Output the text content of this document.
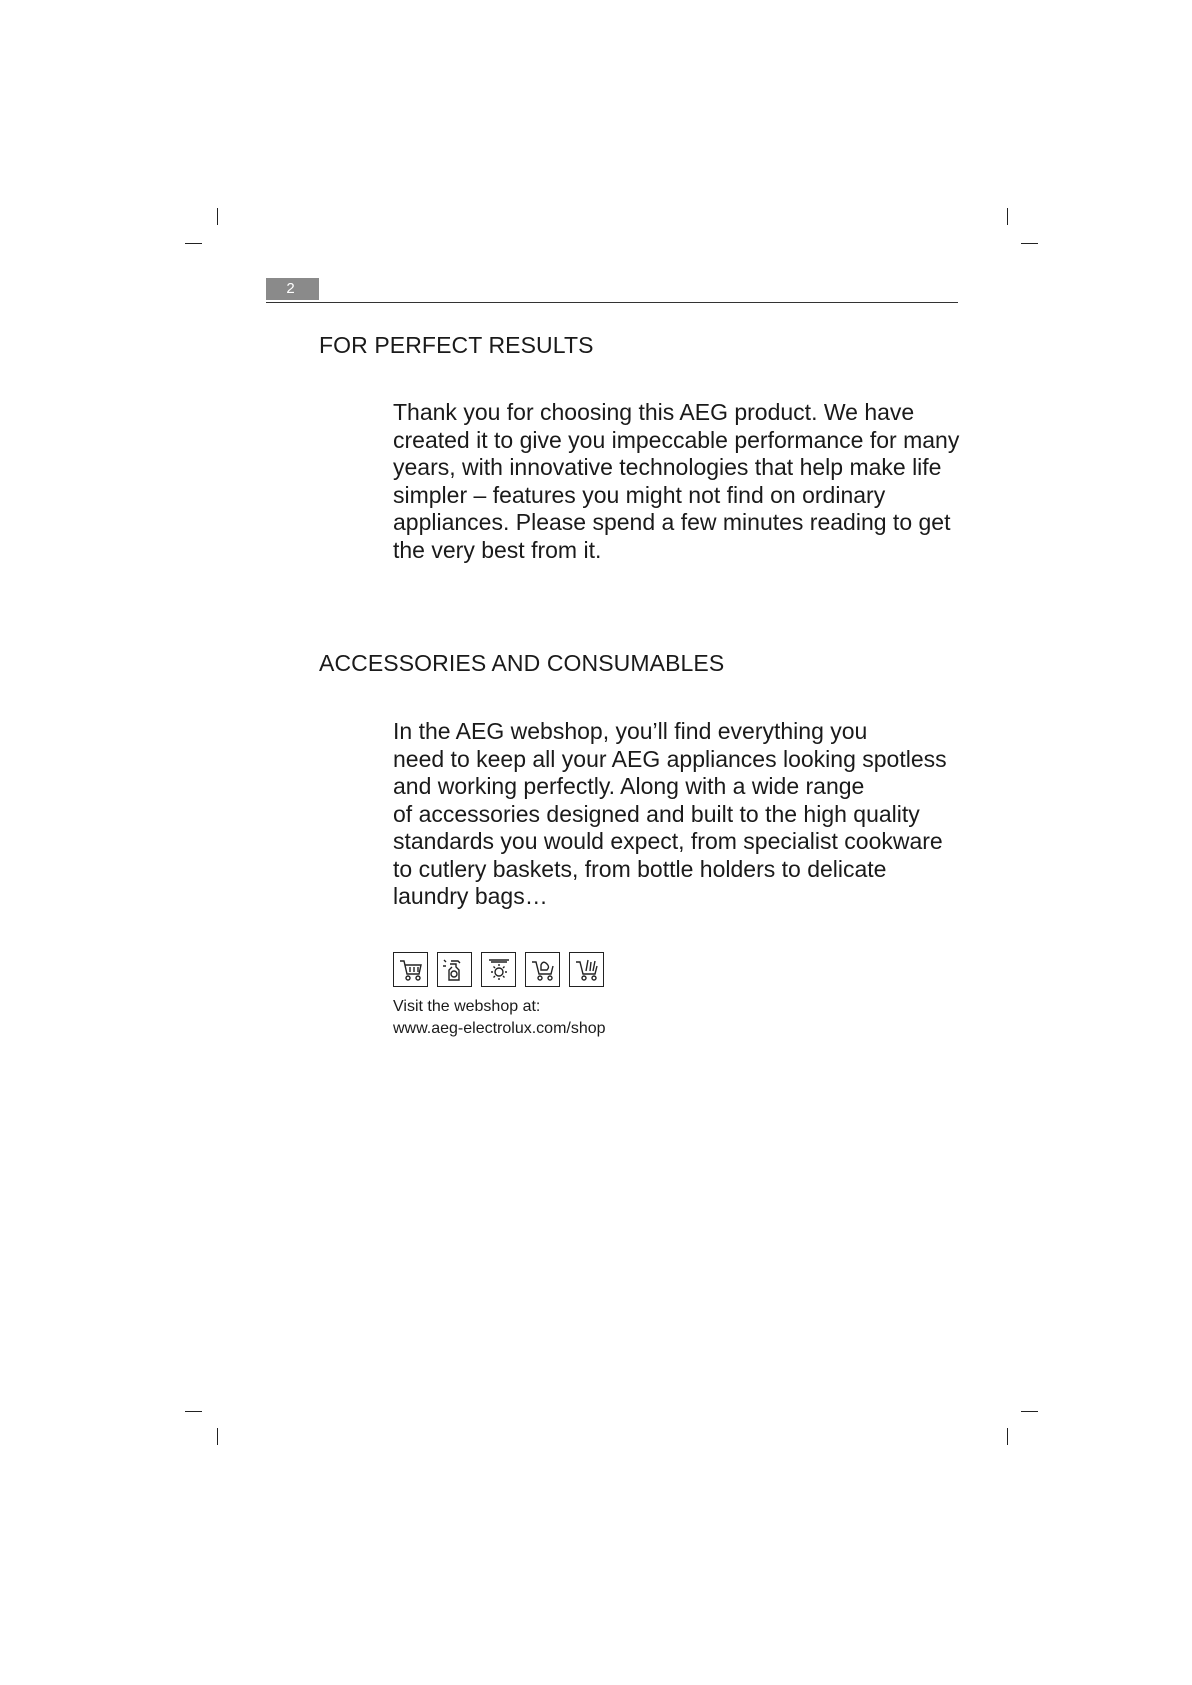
2
FOR PERFECT RESULTS

Thank you for choosing this AEG product. We have
created it to give you impeccable performance for many
years, with innovative technologies that help make life
simpler – features you might not find on ordinary
appliances. Please spend a few minutes reading to get
the very best from it.

ACCESSORIES AND CONSUMABLES

In the AEG webshop, you’ll find everything you
need to keep all your AEG appliances looking spotless
and working perfectly. Along with a wide range
of accessories designed and built to the high quality
standards you would expect, from specialist cookware
to cutlery baskets, from bottle holders to delicate
laundry bags…

Visit the webshop at:
www.aeg-electrolux.com/shop
